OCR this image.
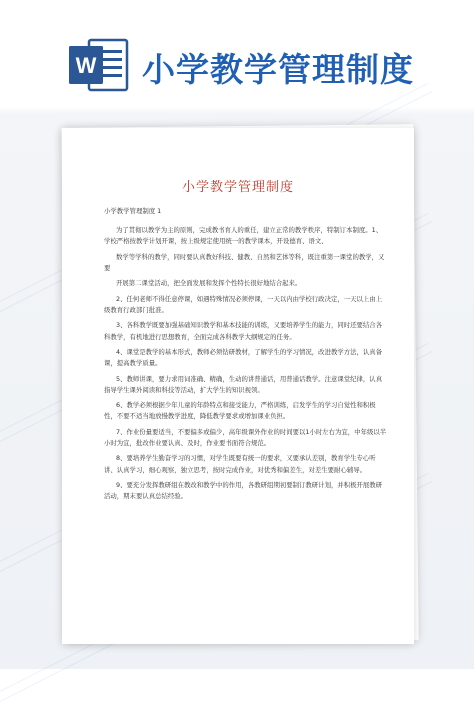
W 小学教学管理制度
小学教学管理制度

小学教学管理制度 1

为了贯彻以教学为主的原则，完成教书育人的重任，建立正常的教学秩序，特制订本制度。1、学校严格按教学计划开课，按上级规定使用统一的教学课本，开设德育、语文、

数学等学科的教学，同时要认真教好科技、健教、自然和艺体等科，既注重第一课堂的教学，又要

开展第二课堂活动，把全面发展和发挥个性特长很好地结合起来。

2、任何老师不得任意停课，如遇特殊情况必须停课，一天以内由学校行政决定，一天以上由上级教育行政部门批准。

3、各科教学既要加强基础知识教学和基本技能的训练，又要培养学生的能力，同时还要结合各科教学，有机地进行思想教育，全面完成各科教学大纲规定的任务。

4、课堂是教学的基本形式，教师必须钻研教材，了解学生的学习情况，改进教学方法，认真备课，提高教学质量。

5、教师讲课，要力求用词准确、精确，生动的讲普通话，用普通话教学。注意课堂纪律，认真指导学生课外阅读和科技等活动，扩大学生的知识视领。

6、教学必须根据少年儿童的年龄特点和接受能力，严格训练，启发学生的学习自觉性和积极性，不要不适当地放慢教学进度，降低教学要求或增加课业负担。

7、作业份量要适当，不要偏多或偏少，高年级课外作业的时间要以1小时左右为宜，中年级以半小时为宜，批改作业要认真、及时，作业要书面符合规范。

8、要培养学生勤奋学习的习惯，对学生既要有统一的要求，又要承认差别，教育学生专心听讲、认真学习，细心观察，独立思考，按时完成作业，对优秀和偏差生，对差生要耐心辅导。

9、要充分发挥教研组在教改和教学中的作用，各教研组期初要制订教研计划，并积极开展教研活动，期末要认真总结经验。
